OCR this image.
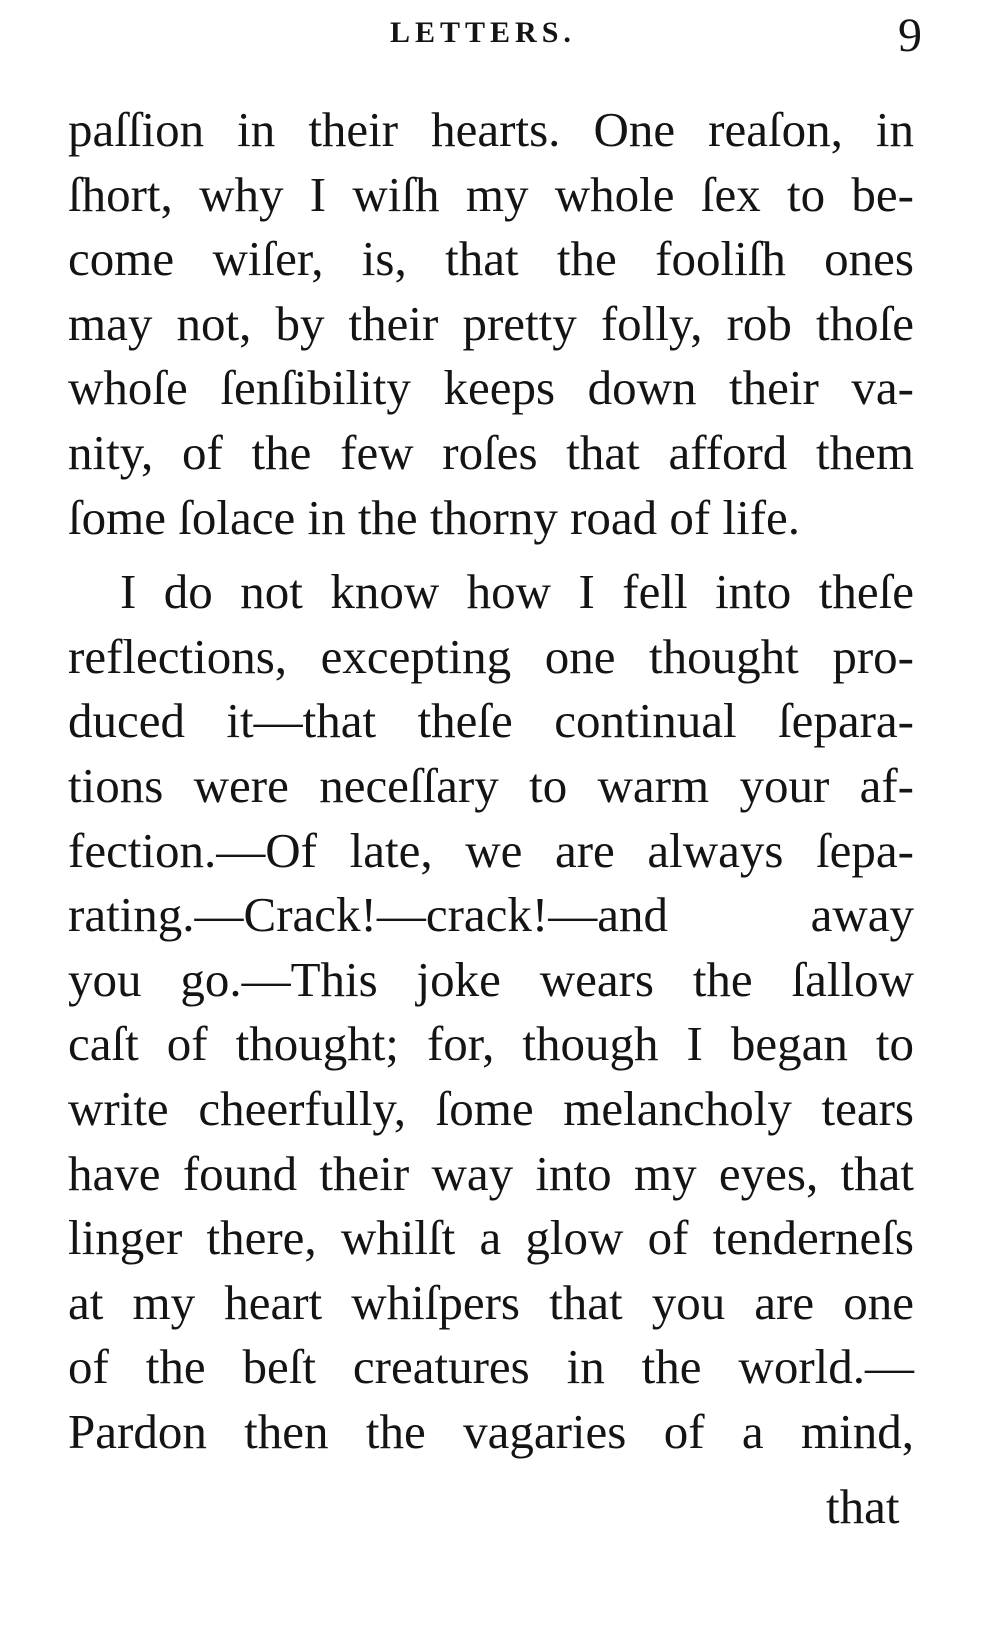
LETTERS.	9
paſſion in their hearts. One reaſon, in
ſhort, why I wiſh my whole ſex to be-
come wiſer, is, that the fooliſh ones
may not, by their pretty folly, rob thoſe
whoſe ſenſibility keeps down their va-
nity, of the few roſes that afford them
ſome ſolace in the thorny road of life.
I do not know how I fell into theſe
reflections, excepting one thought pro-
duced it—that theſe continual ſepara-
tions were neceſſary to warm your af-
fection.—Of late, we are always ſepa-
rating.—Crack!—crack!—and away
you go.—This joke wears the ſallow
caſt of thought; for, though I began to
write cheerfully, ſome melancholy tears
have found their way into my eyes, that
linger there, whilſt a glow of tenderneſs
at my heart whiſpers that you are one
of the beſt creatures in the world.—
Pardon then the vagaries of a mind,
that
